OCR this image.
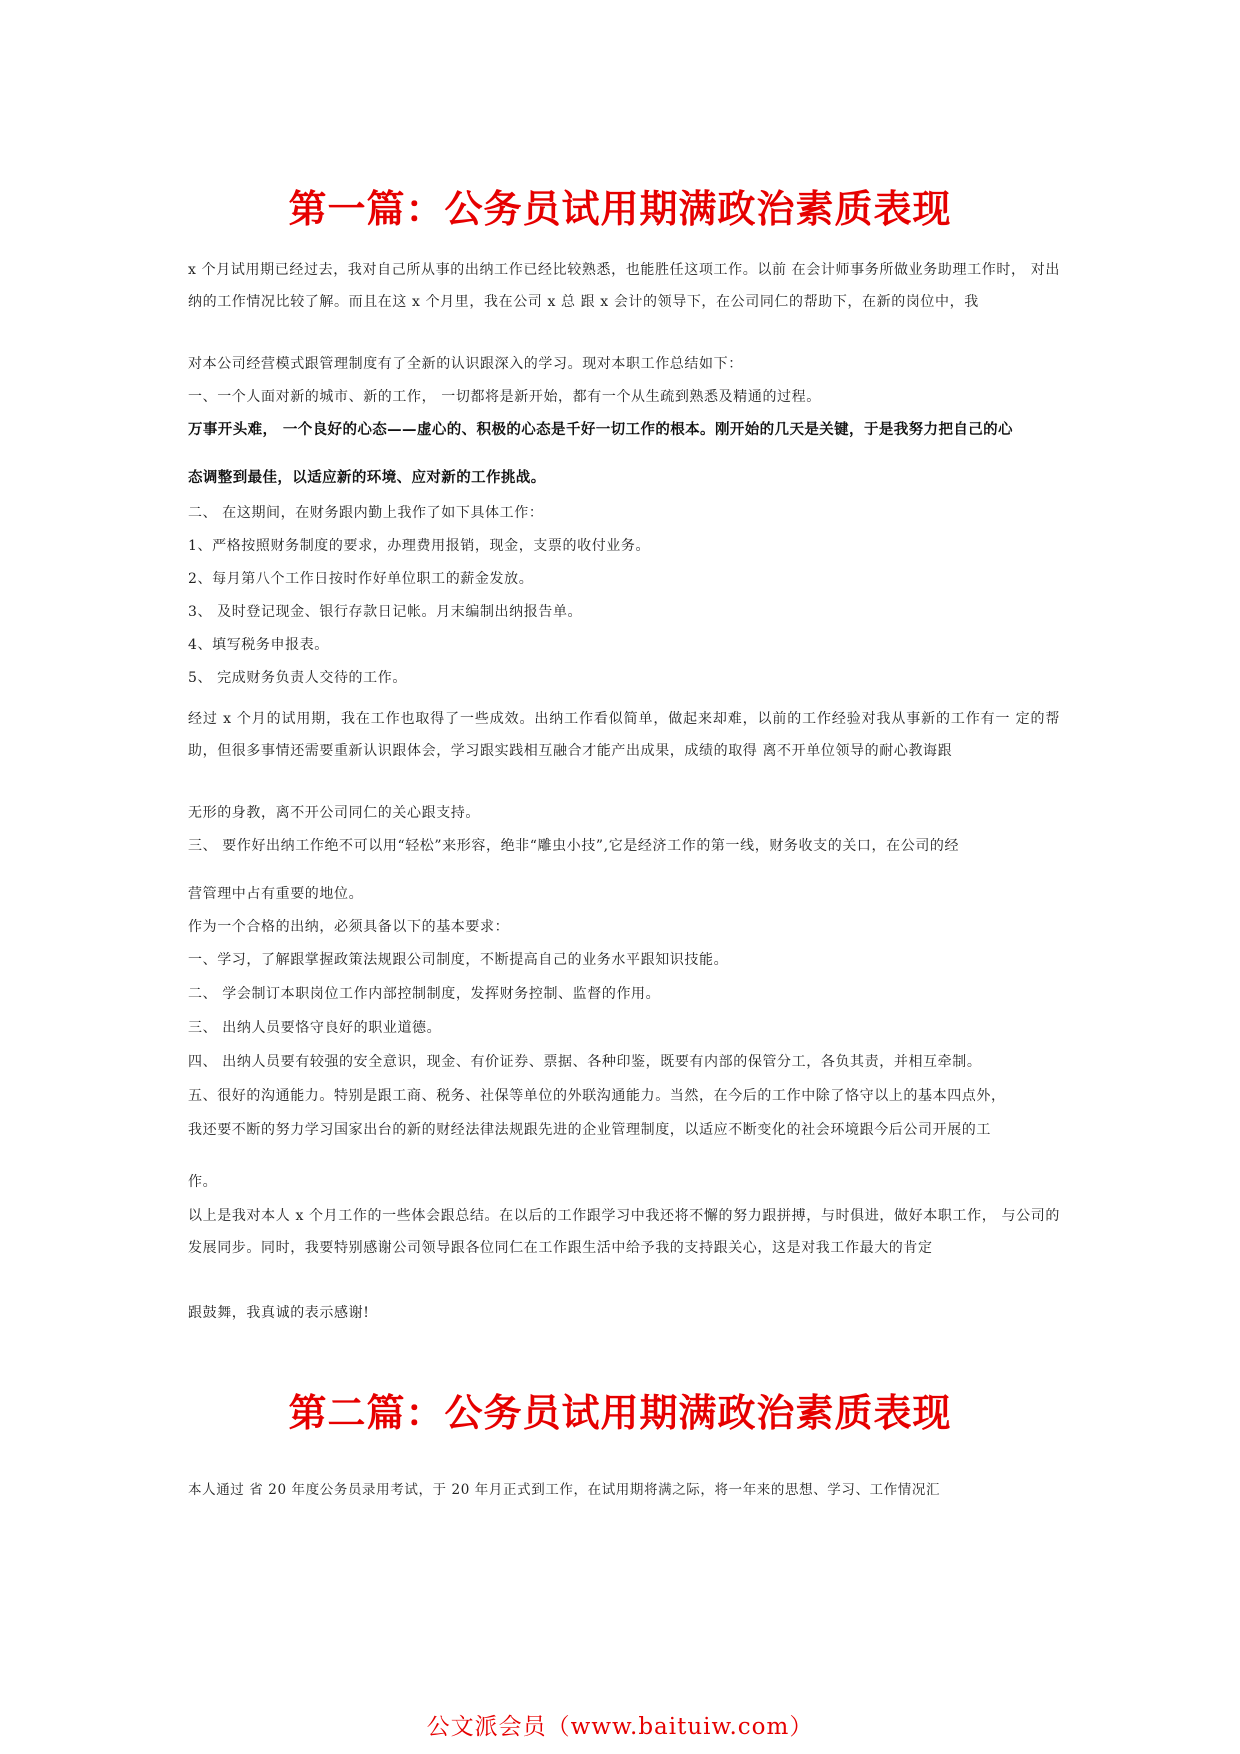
第一篇：公务员试用期满政治素质表现
x 个月试用期已经过去，我对自己所从事的出纳工作已经比较熟悉，也能胜任这项工作。以前 在会计师事务所做业务助理工作时， 对出纳的工作情况比较了解。而且在这 x 个月里，我在公司 x 总 跟 x 会计的领导下，在公司同仁的帮助下，在新的岗位中，我
对本公司经营模式跟管理制度有了全新的认识跟深入的学习。现对本职工作总结如下：
一、一个人面对新的城市、新的工作， 一切都将是新开始，都有一个从生疏到熟悉及精通的过程。
万事开头难， 一个良好的心态——虚心的、积极的心态是千好一切工作的根本。刚开始的几天是关键，于是我努力把自己的心
态调整到最佳，以适应新的环境、应对新的工作挑战。
二、 在这期间，在财务跟内勤上我作了如下具体工作：
1、严格按照财务制度的要求，办理费用报销，现金，支票的收付业务。
2、每月第八个工作日按时作好单位职工的薪金发放。
3、 及时登记现金、银行存款日记帐。月末编制出纳报告单。
4、填写税务申报表。
5、 完成财务负责人交待的工作。
经过 x 个月的试用期，我在工作也取得了一些成效。出纳工作看似简单，做起来却难，以前的工作经验对我从事新的工作有一 定的帮助，但很多事情还需要重新认识跟体会，学习跟实践相互融合才能产出成果，成绩的取得 离不开单位领导的耐心教诲跟
无形的身教，离不开公司同仁的关心跟支持。
三、 要作好出纳工作绝不可以用“轻松”来形容，绝非“雕虫小技”,它是经济工作的第一线，财务收支的关口，在公司的经
营管理中占有重要的地位。
作为一个合格的出纳，必须具备以下的基本要求：
一、学习，了解跟掌握政策法规跟公司制度，不断提高自己的业务水平跟知识技能。
二、 学会制订本职岗位工作内部控制制度，发挥财务控制、监督的作用。
三、 出纳人员要恪守良好的职业道德。
四、 出纳人员要有较强的安全意识，现金、有价证券、票据、各种印鉴，既要有内部的保管分工，各负其责，并相互牵制。
五、很好的沟通能力。特别是跟工商、税务、社保等单位的外联沟通能力。当然，在今后的工作中除了恪守以上的基本四点外，
我还要不断的努力学习国家出台的新的财经法律法规跟先进的企业管理制度，以适应不断变化的社会环境跟今后公司开展的工
作。
以上是我对本人 x 个月工作的一些体会跟总结。在以后的工作跟学习中我还将不懈的努力跟拼搏，与时俱进，做好本职工作， 与公司的发展同步。同时，我要特别感谢公司领导跟各位同仁在工作跟生活中给予我的支持跟关心，这是对我工作最大的肯定
跟鼓舞，我真诚的表示感谢!
第二篇：公务员试用期满政治素质表现
本人通过 省 20 年度公务员录用考试，于 20 年月正式到工作，在试用期将满之际，将一年来的思想、学习、工作情况汇
公文派会员（www.baituiw.com）
